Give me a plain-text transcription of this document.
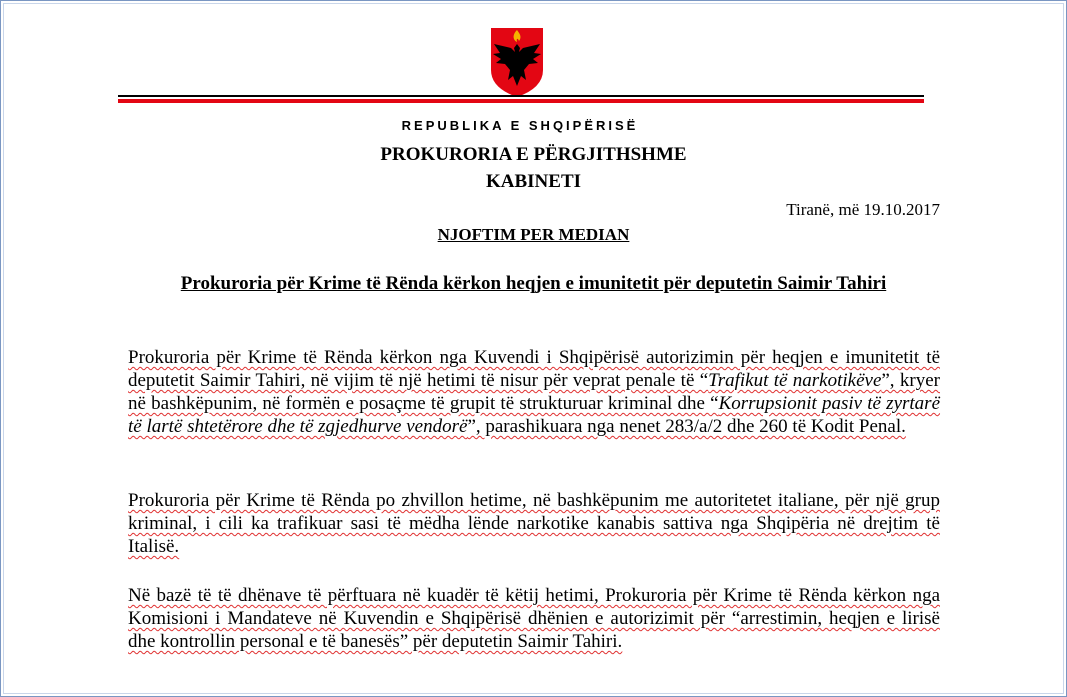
REPUBLIKA E SHQIPËRISË
PROKURORIA E PËRGJITHSHME
KABINETI
Tiranë, më 19.10.2017
NJOFTIM PER MEDIAN
Prokuroria për Krime të Rënda kërkon heqjen e imunitetit për deputetin Saimir Tahiri
Prokuroria për Krime të Rënda kërkon nga Kuvendi i Shqipërisë autorizimin për heqjen e imunitetit të deputetit Saimir Tahiri, në vijim të një hetimi të nisur për veprat penale të “Trafikut të narkotikëve”, kryer në bashkëpunim, në formën e posaçme të grupit të strukturuar kriminal dhe “Korrupsionit pasiv të zyrtarë të lartë shtetërore dhe të zgjedhurve vendorë”, parashikuara nga nenet 283/a/2 dhe 260 të Kodit Penal.
Prokuroria për Krime të Rënda po zhvillon hetime, në bashkëpunim me autoritetet italiane, për një grup kriminal, i cili ka trafikuar sasi të mëdha lënde narkotike kanabis sattiva nga Shqipëria në drejtim të Italisë.
Në bazë të të dhënave të përftuara në kuadër të këtij hetimi, Prokuroria për Krime të Rënda kërkon nga Komisioni i Mandateve në Kuvendin e Shqipërisë dhënien e autorizimit për “arrestimin, heqjen e lirisë dhe kontrollin personal e të banesës” për deputetin Saimir Tahiri.
